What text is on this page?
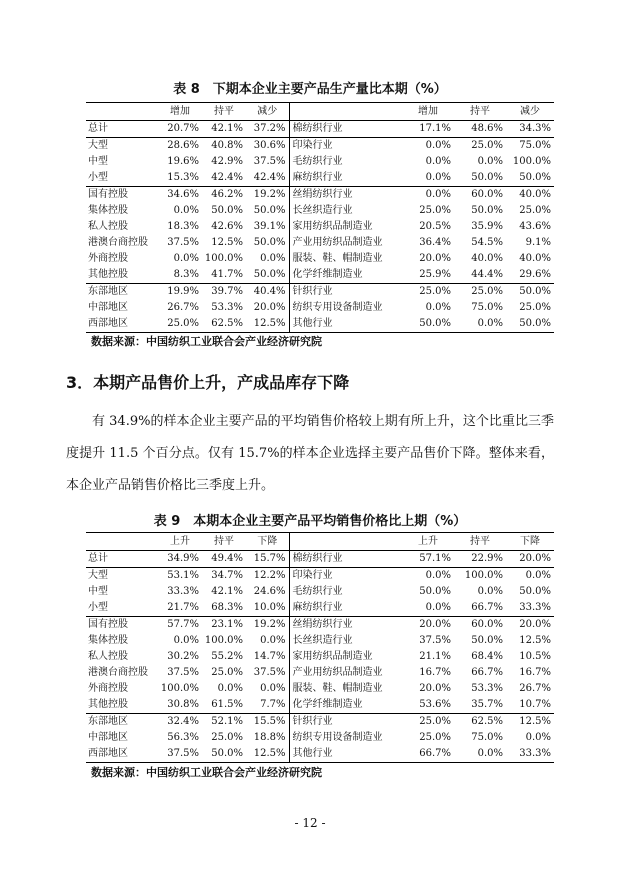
表 8　下期本企业主要产品生产量比本期（%）
	增加	持平	减少		增加	持平	减少
总计	20.7%	42.1%	37.2%	棉纺织行业	17.1%	48.6%	34.3%
大型	28.6%	40.8%	30.6%	印染行业	0.0%	25.0%	75.0%
中型	19.6%	42.9%	37.5%	毛纺织行业	0.0%	0.0%	100.0%
小型	15.3%	42.4%	42.4%	麻纺织行业	0.0%	50.0%	50.0%
国有控股	34.6%	46.2%	19.2%	丝绢纺织行业	0.0%	60.0%	40.0%
集体控股	0.0%	50.0%	50.0%	长丝织造行业	25.0%	50.0%	25.0%
私人控股	18.3%	42.6%	39.1%	家用纺织品制造业	20.5%	35.9%	43.6%
港澳台商控股	37.5%	12.5%	50.0%	产业用纺织品制造业	36.4%	54.5%	9.1%
外商控股	0.0%	100.0%	0.0%	服装、鞋、帽制造业	20.0%	40.0%	40.0%
其他控股	8.3%	41.7%	50.0%	化学纤维制造业	25.9%	44.4%	29.6%
东部地区	19.9%	39.7%	40.4%	针织行业	25.0%	25.0%	50.0%
中部地区	26.7%	53.3%	20.0%	纺织专用设备制造业	0.0%	75.0%	25.0%
西部地区	25.0%	62.5%	12.5%	其他行业	50.0%	0.0%	50.0%
数据来源：中国纺织工业联合会产业经济研究院
3．本期产品售价上升，产成品库存下降

有 34.9%的样本企业主要产品的平均销售价格较上期有所上升，这个比重比三季度提升 11.5 个百分点。仅有 15.7%的样本企业选择主要产品售价下降。整体来看，本企业产品销售价格比三季度上升。

表 9　本期本企业主要产品平均销售价格比上期（%）
	上升	持平	下降		上升	持平	下降
总计	34.9%	49.4%	15.7%	棉纺织行业	57.1%	22.9%	20.0%
大型	53.1%	34.7%	12.2%	印染行业	0.0%	100.0%	0.0%
中型	33.3%	42.1%	24.6%	毛纺织行业	50.0%	0.0%	50.0%
小型	21.7%	68.3%	10.0%	麻纺织行业	0.0%	66.7%	33.3%
国有控股	57.7%	23.1%	19.2%	丝绢纺织行业	20.0%	60.0%	20.0%
集体控股	0.0%	100.0%	0.0%	长丝织造行业	37.5%	50.0%	12.5%
私人控股	30.2%	55.2%	14.7%	家用纺织品制造业	21.1%	68.4%	10.5%
港澳台商控股	37.5%	25.0%	37.5%	产业用纺织品制造业	16.7%	66.7%	16.7%
外商控股	100.0%	0.0%	0.0%	服装、鞋、帽制造业	20.0%	53.3%	26.7%
其他控股	30.8%	61.5%	7.7%	化学纤维制造业	53.6%	35.7%	10.7%
东部地区	32.4%	52.1%	15.5%	针织行业	25.0%	62.5%	12.5%
中部地区	56.3%	25.0%	18.8%	纺织专用设备制造业	25.0%	75.0%	0.0%
西部地区	37.5%	50.0%	12.5%	其他行业	66.7%	0.0%	33.3%
数据来源：中国纺织工业联合会产业经济研究院
- 12 -
